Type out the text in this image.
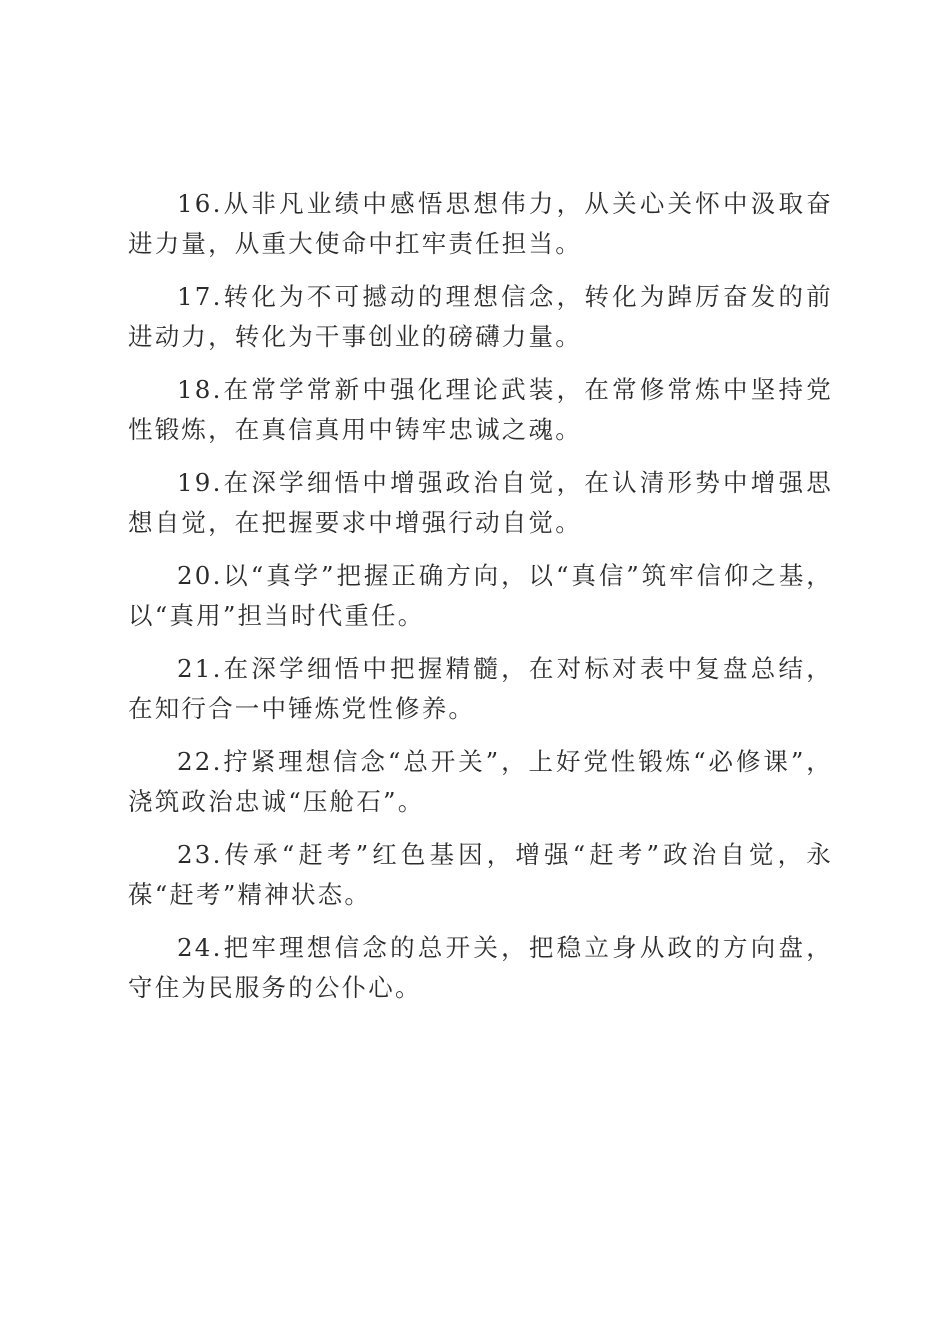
16.从非凡业绩中感悟思想伟力，从关心关怀中汲取奋进力量，从重大使命中扛牢责任担当。

17.转化为不可撼动的理想信念，转化为踔厉奋发的前进动力，转化为干事创业的磅礴力量。

18.在常学常新中强化理论武装，在常修常炼中坚持党性锻炼，在真信真用中铸牢忠诚之魂。

19.在深学细悟中增强政治自觉，在认清形势中增强思想自觉，在把握要求中增强行动自觉。

20.以“真学”把握正确方向，以“真信”筑牢信仰之基，以“真用”担当时代重任。

21.在深学细悟中把握精髓，在对标对表中复盘总结，在知行合一中锤炼党性修养。

22.拧紧理想信念“总开关”，上好党性锻炼“必修课”，浇筑政治忠诚“压舱石”。

23.传承“赶考”红色基因，增强“赶考”政治自觉，永葆“赶考”精神状态。

24.把牢理想信念的总开关，把稳立身从政的方向盘，守住为民服务的公仆心。
